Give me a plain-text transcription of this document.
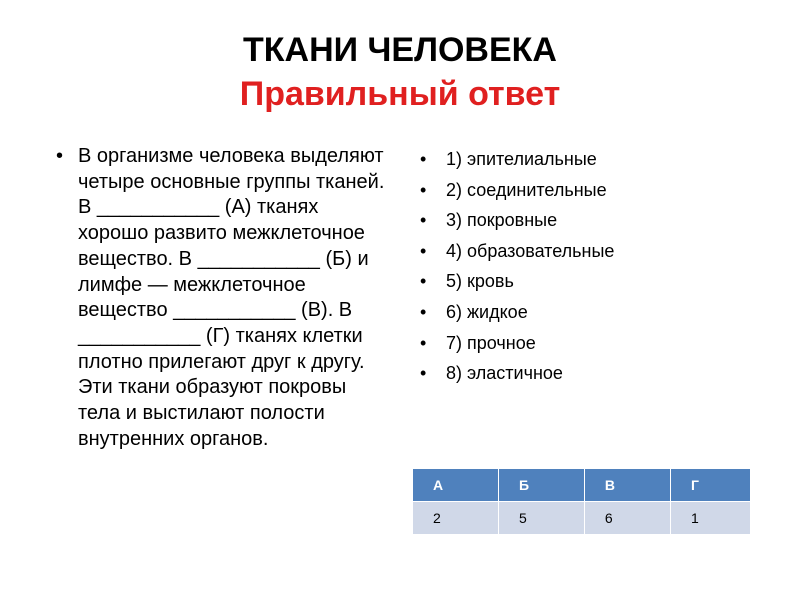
ТКАНИ ЧЕЛОВЕКА
Правильный ответ
• В организме человека выделяют четыре основные группы тканей. В ___________ (А) тканях хорошо развито межклеточное вещество. В ___________ (Б) и лимфе — межклеточное вещество ___________ (В). В ___________ (Г) тканях клетки плотно прилегают друг к другу. Эти ткани образуют покровы тела и выстилают полости внутренних органов.
• 1) эпителиальные
• 2) соединительные
• 3) покровные
• 4) образовательные
• 5) кровь
• 6) жидкое
• 7) прочное
• 8) эластичное
А	Б	В	Г
2	5	6	1
